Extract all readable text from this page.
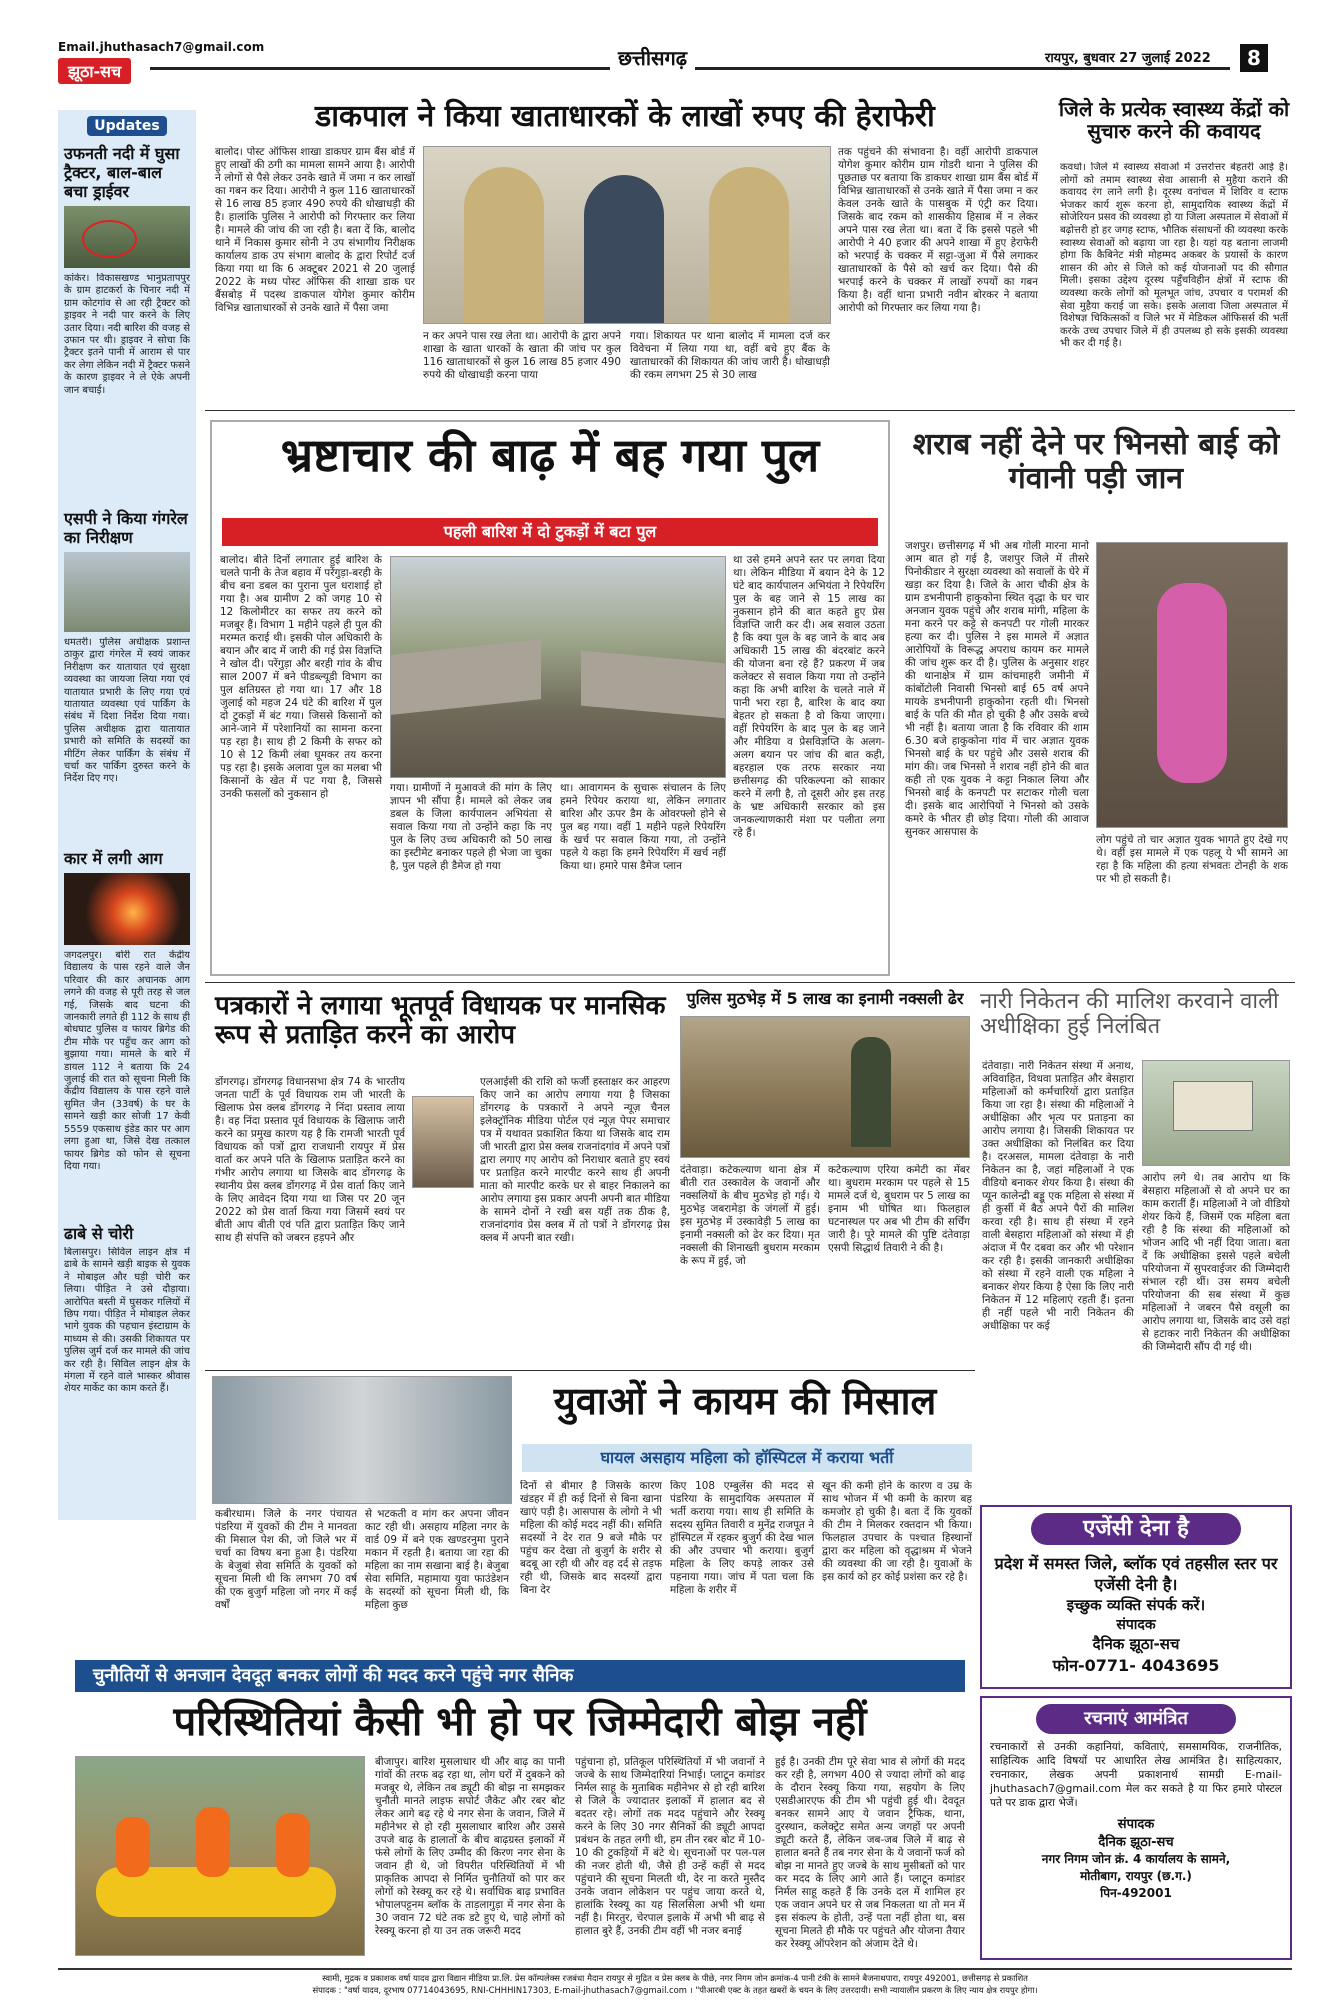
Email.jhuthasach7@gmail.com
झूठा-सच
छत्तीसगढ़	रायपुर, बुधवार 27 जुलाई 2022	8
Updates
उफनती नदी में घुसा ट्रैक्टर, बाल-बाल बचा ड्राईवर
कांकेर। विकासखण्ड भानुप्रतापपुर के ग्राम हाटकर्रा के चिनार नदी में ग्राम कोटगांव से आ रही ट्रैक्टर को ड्राइवर ने नदी पार करने के लिए उतार दिया। नदी बारिश की वजह से उफान पर थी। ड्राइवर ने सोचा कि ट्रैक्टर इतने पानी में आराम से पार कर लेगा लेकिन नदी में ट्रैक्टर फसने के कारण ड्राइवर ने ले ऐके अपनी जान बचाई।
एसपी ने किया गंगरेल का निरीक्षण
धमतरी। पुलिस अधीक्षक प्रशान्त ठाकुर द्वारा गंगरेल में स्वयं जाकर निरीक्षण कर यातायात एवं सुरक्षा व्यवस्था का जायजा लिया गया एवं यातायात प्रभारी के लिए गया एवं यातायात व्यवस्था एवं पार्किंग के संबंध में दिशा निर्देश दिया गया। पुलिस अधीक्षक द्वारा यातायात प्रभारी को समिति के सदस्यों का मीटिंग लेकर पार्किंग के संबंध में चर्चा कर पार्किंग दुरुस्त करने के निर्देश दिए गए।
कार में लगी आग
जगदलपुर। बोरी रात केंद्रीय विद्यालय के पास रहने वाले जैन परिवार की कार अचानक आग लगने की वजह से पूरी तरह से जल गई, जिसके बाद घटना की जानकारी लगते ही 112 के साथ ही बोधघाट पुलिस व फायर ब्रिगेड की टीम मौके पर पहुँच कर आग को बुझाया गया। मामले के बारे में डायल 112 ने बताया कि 24 जुलाई की रात को सूचना मिली कि केंद्रीय विद्यालय के पास रहने वाले सुमित जैन (33वर्ष) के घर के सामने खड़ी कार सोजी 17 केवी 5559 एकसाथ इंडेड कार पर आग लगा हुआ था, जिसे देख तत्काल फायर ब्रिगेड को फोन से सूचना दिया गया।
ढाबे से चोरी
बिलासपुर। सिविल लाइन क्षेत्र में ढाबे के सामने खड़ी बाइक से युवक ने मोबाइल और घड़ी चोरी कर लिया। पीड़ित ने उसे दौड़ाया। आरोपित बस्ती में घुसकर गलियों में छिप गया। पीड़ित ने मोबाइल लेकर भागे युवक की पहचान इंस्टाग्राम के माध्यम से की। उसकी शिकायत पर पुलिस जुर्म दर्ज कर मामले की जांच कर रही है। सिविल लाइन क्षेत्र के मंगला में रहने वाले भास्कर श्रीवास शेयर मार्केट का काम करते हैं।
डाकपाल ने किया खाताधारकों के लाखों रुपए की हेराफेरी
बालोद। पोस्ट ऑफिस शाखा डाकघर ग्राम बैंस बोर्ड में हुए लाखों की ठगी का मामला सामने आया है। आरोपी ने लोगों से पैसे लेकर उनके खाते में जमा न कर लाखों का गबन कर दिया। आरोपी ने कुल 116 खाताधारकों से 16 लाख 85 हजार 490 रुपये की धोखाधड़ी की है। हालांकि पुलिस ने आरोपी को गिरफ्तार कर लिया है। मामले की जांच की जा रही है। बता दें कि, बालोद थाने में निकास कुमार सोनी ने उप संभागीय निरीक्षक कार्यालय डाक उप संभाग बालोद के द्वारा रिपोर्ट दर्ज किया गया था कि 6 अक्टूबर 2021 से 20 जुलाई 2022 के मध्य पोस्ट ऑफिस की शाखा डाक घर बैंसबोड़ में पदस्थ डाकपाल योगेश कुमार कोरीम विभिन्न खाताधारकों से उनके खाते में पैसा जमा
न कर अपने पास रख लेता था। आरोपी के द्वारा अपने शाखा के खाता धारकों के खाता की जांच पर कुल 116 खाताधारकों से कुल 16 लाख 85 हजार 490 रुपये की धोखाधड़ी करना पाया
गया। शिकायत पर थाना बालोद में मामला दर्ज कर विवेचना में लिया गया था, वहीं बचे हुए बैंक के खाताधारकों की शिकायत की जांच जारी है। धोखाधड़ी की रकम लगभग 25 से 30 लाख
तक पहुंचने की संभावना है। वहीं आरोपी डाकपाल योगेश कुमार कोरीम ग्राम गोडरी थाना ने पुलिस की पूछताछ पर बताया कि डाकघर शाखा ग्राम बैंस बोर्ड में विभिन्न खाताधारकों से उनके खाते में पैसा जमा न कर केवल उनके खाते के पासबुक में एंट्री कर दिया। जिसके बाद रकम को शासकीय हिसाब में न लेकर अपने पास रख लेता था। बता दें कि इससे पहले भी आरोपी ने 40 हजार की अपने शाखा में हुए हेराफेरी को भरपाई के चक्कर में सट्टा-जुआ में पैसे लगाकर खाताधारकों के पैसे को खर्च कर दिया। पैसे की भरपाई करने के चक्कर में लाखों रुपयों का गबन किया है। वहीं थाना प्रभारी नवीन बोरकर ने बताया आरोपी को गिरफ्तार कर लिया गया है।
जिले के प्रत्येक स्वास्थ्य केंद्रों को सुचारु करने की कवायद
कवर्धा। जिले में स्वास्थ्य सेवाओं में उत्तरोत्तर बेहतरी आई है। लोगों को तमाम स्वास्थ्य सेवा आसानी से मुहैया कराने की कवायद रंग लाने लगी है। दूरस्थ वनांचल में शिविर व स्टाफ भेजकर कार्य शुरू करना हो, सामुदायिक स्वास्थ्य केंद्रों में सोजेरियन प्रसव की व्यवस्था हो या जिला अस्पताल में सेवाओं में बढ़ोत्तरी हो हर जगह स्टाफ, भौतिक संसाधनों की व्यवस्था करके स्वास्थ्य सेवाओं को बढ़ाया जा रहा है। यहां यह बताना लाजमी होगा कि कैबिनेट मंत्री मोहम्मद अकबर के प्रयासों के कारण शासन की ओर से जिले को कई योजनाओं पद की सौगात मिली। इसका उद्देश्य दूरस्थ पहुँचविहीन क्षेत्रों में स्टाफ की व्यवस्था करके लोगों को मूलभूत जांच, उपचार व परामर्श की सेवा मुहैया कराई जा सके। इसके अलावा जिला अस्पताल में विशेषज्ञ चिकित्सकों व जिले भर में मेडिकल ऑफिसर्स की भर्ती करके उच्च उपचार जिले में ही उपलब्ध हो सके इसकी व्यवस्था भी कर दी गई है।
भ्रष्टाचार की बाढ़ में बह गया पुल
पहली बारिश में दो टुकड़ों में बटा पुल
बालोद। बीते दिनों लगातार हुई बारिश के चलते पानी के तेज बहाव में परेंगुड़ा-बरही के बीच बना डबल का पुराना पुल धराशाई हो गया है। अब ग्रामीण 2 को जगह 10 से 12 किलोमीटर का सफर तय करने को मजबूर हैं। विभाग 1 महीने पहले ही पुल की मरम्मत कराई थी। इसकी पोल अधिकारी के बयान और बाद में जारी की गई प्रेस विज्ञप्ति ने खोल दी। परेंगुड़ा और बरही गांव के बीच साल 2007 में बने पीडब्ल्यूडी विभाग का पुल क्षतिग्रस्त हो गया था। 17 और 18 जुलाई को महज 24 घंटे की बारिश में पुल दो टुकड़ों में बंट गया। जिससे किसानों को आने-जाने में परेशानियों का सामना करना पड़ रहा है। साथ ही 2 किमी के सफर को 10 से 12 किमी लंबा घूमकर तय करना पड़ रहा है। इसके अलावा पुल का मलबा भी किसानों के खेत में पट गया है, जिससे उनकी फसलों को नुकसान हो	गया। ग्रामीणों ने मुआवजे की मांग के लिए ज्ञापन भी सौंपा है। मामले को लेकर जब डबल के जिला कार्यपालन अभियंता से सवाल किया गया तो उन्होंने कहा कि नए पुल के लिए उच्च अधिकारी को 50 लाख का इस्टीमेट बनाकर पहले ही भेजा जा चुका है, पुल पहले ही डैमेज हो गया
था। आवागमन के सुचारू संचालन के लिए हमने रिपेयर कराया था, लेकिन लगातार बारिश और ऊपर डैम के ओवरफ्लो होने से पुल बह गया। वहीं 1 महीने पहले रिपेयरिंग के खर्च पर सवाल किया गया, तो उन्होंने पहले ये कहा कि हमने रिपेयरिंग में खर्च नहीं किया था। हमारे पास डैमेज प्लान
था उसे हमने अपने स्तर पर लगवा दिया था। लेकिन मीडिया में बयान देने के 12 घंटे बाद कार्यपालन अभियंता ने रिपेयरिंग पुल के बह जाने से 15 लाख का नुकसान होने की बात कहते हुए प्रेस विज्ञप्ति जारी कर दी। अब सवाल उठता है कि क्या पुल के बह जाने के बाद अब अधिकारी 15 लाख की बंदरबांट करने की योजना बना रहे हैं? प्रकरण में जब कलेक्टर से सवाल किया गया तो उन्होंने कहा कि अभी बारिश के चलते नाले में पानी भरा रहा है, बारिश के बाद क्या बेहतर हो सकता है वो किया जाएगा। वहीं रिपेयरिंग के बाद पुल के बह जाने और मीडिया व प्रेसविज्ञप्ति के अलग-अलग बयान पर जांच की बात कही, बहरहाल एक तरफ सरकार नया छत्तीसगढ़ की परिकल्पना को साकार करने में लगी है, तो दूसरी ओर इस तरह के भ्रष्ट अधिकारी सरकार को इस जनकल्याणकारी मंशा पर पलीता लगा रहे हैं।
शराब नहीं देने पर भिनसो बाई को गंवानी पड़ी जान
जशपुर। छत्तीसगढ़ में भी अब गोली मारना मानो आम बात हो गई है, जशपुर जिले में तीसरे पिनोकीडार ने सुरक्षा व्यवस्था को सवालों के घेरे में खड़ा कर दिया है। जिले के आरा चौकी क्षेत्र के ग्राम डभनीपानी हाकुकोना स्थित वृद्धा के घर चार अनजान युवक पहुंचे और शराब मांगी, महिला के मना करने पर कट्टे से कनपटी पर गोली मारकर हत्या कर दी। पुलिस ने इस मामले में अज्ञात आरोपियों के विरूद्ध अपराध कायम कर मामले की जांच शुरू कर दी है। पुलिस के अनुसार शहर की थानाक्षेत्र में ग्राम कांचमाहरी जमीनी में कांबोंटोली निवासी भिनसो बाई 65 वर्ष अपने मायके डभनीपानी हाकुकोना रहती थी। भिनसो बाई के पति की मौत हो चुकी है और उसके बच्चे भी नहीं है। बताया जाता है कि रविवार की शाम 6.30 बजे हाकुकोना गांव में चार अज्ञात युवक भिनसो बाई के घर पहुंचे और उससे शराब की मांग की। जब भिनसो ने शराब नहीं होने की बात कही तो एक युवक ने कट्टा निकाल लिया और भिनसो बाई के कनपटी पर सटाकर गोली चला दी। इसके बाद आरोपियों ने भिनसो को उसके कमरे के भीतर ही छोड़ दिया। गोली की आवाज सुनकर आसपास के
लोग पहुंचे तो चार अज्ञात युवक भागते हुए देखे गए थे। वहीं इस मामले में एक पहलू ये भी सामने आ रहा है कि महिला की हत्या संभवतः टोनही के शक पर भी हो सकती है।
पत्रकारों ने लगाया भूतपूर्व विधायक पर मानसिक रूप से प्रताड़ित करने का आरोप
डोंगरगढ़। डोंगरगढ़ विधानसभा क्षेत्र 74 के भारतीय जनता पार्टी के पूर्व विधायक राम जी भारती के खिलाफ प्रेस क्लब डोंगरगढ़ ने निंदा प्रस्ताव लाया है। वह निंदा प्रस्ताव पूर्व विधायक के खिलाफ जारी करने का प्रमुख कारण यह है कि रामजी भारती पूर्व विधायक को पत्रों द्वारा राजधानी रायपुर में प्रेस वार्ता कर अपने पति के खिलाफ प्रताड़ित करने का गंभीर आरोप लगाया था जिसके बाद डोंगरगढ़ के स्थानीय प्रेस क्लब डोंगरगढ़ में प्रेस वार्ता किए जाने के लिए आवेदन दिया गया था जिस पर 20 जून 2022 को प्रेस वार्ता किया गया जिसमें स्वयं पर बीती आप बीती एवं पति द्वारा प्रताड़ित किए जाने साथ ही संपत्ति को जबरन हड़पने और
एलआईसी की राशि को फर्जी हस्ताक्षर कर आहरण किए जाने का आरोप लगाया गया है जिसका डोंगरगढ़ के पत्रकारों ने अपने न्यूज़ चैनल इलेक्ट्रॉनिक मीडिया पोर्टल एवं न्यूज़ पेपर समाचार पत्र में यथावत प्रकाशित किया था जिसके बाद राम जी भारती द्वारा प्रेस क्लब राजनांदगांव में अपने पत्रों द्वारा लगाए गए आरोप को निराधार बताते हुए स्वयं पर प्रताड़ित करने मारपीट करने साथ ही अपनी माता को मारपीट करके घर से बाहर निकालने का आरोप लगाया इस प्रकार अपनी अपनी बात मीडिया के सामने दोनों ने रखी बस यहीं तक ठीक है, राजनांदगांव प्रेस क्लब में तो पत्रों ने डोंगरगढ़ प्रेस क्लब में अपनी बात रखी।
पुलिस मुठभेड़ में 5 लाख का इनामी नक्सली ढेर
दंतेवाड़ा। कटेकल्याण थाना क्षेत्र में बीती रात उस्कावेल के जवानों और नक्सलियों के बीच मुठभेड़ हो गई। ये मुठभेड़ जबरामेड़ा के जंगलों में हुई। इस मुठभेड़ में उस्कावेड़ी 5 लाख का इनामी नक्सली को ढेर कर दिया। मृत नक्सली की शिनाख्ती बुधराम मरकाम के रूप में हुई, जो
कटेकल्याण एरिया कमेटी का मेंबर था। बुधराम मरकाम पर पहले से 15 मामले दर्ज थे, बुधराम पर 5 लाख का इनाम भी घोषित था। फिलहाल घटनास्थल पर अब भी टीम की सर्चिंग जारी है। पूरे मामले की पुष्टि दंतेवाड़ा एसपी सिद्धार्थ तिवारी ने की है।
नारी निकेतन की मालिश करवाने वाली अधीक्षिका हुई निलंबित
दंतेवाड़ा। नारी निकेतन संस्था में अनाथ, अविवाहित, विधवा प्रताड़ित और बेसहारा महिलाओं को कर्मचारियों द्वारा प्रताड़ित किया जा रहा है। संस्था की महिलाओं ने अधीक्षिका और भृत्य पर प्रताड़ना का आरोप लगाया है। जिसकी शिकायत पर उक्त अधीक्षिका को निलंबित कर दिया है। दरअसल, मामला दंतेवाड़ा के नारी निकेतन का है, जहां महिलाओं ने एक वीडियो बनाकर शेयर किया है। संस्था की प्यून कालेन्द्री बड्डू एक महिला से संस्था में ही कुर्सी में बैठ अपने पैरों की मालिश करवा रही है। साथ ही संस्था में रहने वाली बेसहारा महिलाओं को संस्था में ही अंदाज में पैर दबवा कर और भी परेशान कर रही है। इसकी जानकारी अधीक्षिका को संस्था में रहने वाली एक महिला ने बनाकर शेयर किया है ऐसा कि लिए नारी निकेतन में 12 महिलाएं रहती हैं। इतना ही नहीं पहले भी नारी निकेतन की अधीक्षिका पर कई
आरोप लगे थे। तब आरोप था कि बेसहारा महिलाओं से वो अपने घर का काम करातीं हैं। महिलाओं ने जो वीडियो शेयर किये हैं, जिसमें एक महिला बता रही है कि संस्था की महिलाओं को भोजन आदि भी नहीं दिया जाता। बता दें कि अधीक्षिका इससे पहले बचेली परियोजना में सुपरवाईजर की जिम्मेदारी संभाल रही थीं। उस समय बचेली परियोजना की सब संस्था में कुछ महिलाओं ने जबरन पैसे वसूली का आरोप लगाया था, जिसके बाद उसे वहां से हटाकर नारी निकेतन की अधीक्षिका की जिम्मेदारी सौंप दी गई थी।
युवाओं ने कायम की मिसाल
घायल असहाय महिला को हॉस्पिटल में कराया भर्ती
कबीरधाम। जिले के नगर पंचायत पंडरिया में युवकों की टीम ने मानवता की मिसाल पेश की, जो जिले भर में चर्चा का विषय बना हुआ है। पंडरिया के बेजुबां सेवा समिति के युवकों को सूचना मिली थी कि लगभग 70 वर्ष की एक बुजुर्ग महिला जो नगर में कई वर्षों
से भटकती व मांग कर अपना जीवन काट रही थी। असहाय महिला नगर के वार्ड 09 में बने एक खण्डरनुमा पुराने मकान में रहती है। बताया जा रहा की महिला का नाम सखाना बाई है। बेजुबा सेवा समिति, महामाया युवा फाउंडेशन के सदस्यों को सूचना मिली थी, कि महिला कुछ
दिनों से बीमार है जिसके कारण खंडहर में ही कई दिनों से बिना खाना खाएं पड़ी है। आसपास के लोगो ने भी महिला की कोई मदद नहीं की। समिति सदस्यों ने देर रात 9 बजे मौके पर पहुंच कर देखा तो बुजुर्ग के शरीर से बदबू आ रही थी और वह दर्द से तड़फ रही थी, जिसके बाद सदस्यों द्वारा बिना देर
किए 108 एम्बुलेंस की मदद से पंडरिया के सामुदायिक अस्पताल में भर्ती कराया गया। साथ ही समिति के सदस्य सुमित तिवारी व मुनेंद्र राजपूत ने हॉस्पिटल में रहकर बुजुर्ग की देख भाल की और उपचार भी कराया। बुजुर्ग महिला के लिए कपड़े लाकर उसे पहनाया गया। जांच में पता चला कि महिला के शरीर में
खून की कमी होने के कारण व उम्र के साथ भोजन में भी कमी के कारण बह कमजोर हो चुकी है। बता दें कि युवकों की टीम ने मिलकर रक्तदान भी किया। फिलहाल उपचार के पश्चात हिस्थानों द्वारा कर महिला को वृद्धाश्रम में भेजने की व्यवस्था की जा रही है। युवाओं के इस कार्य को हर कोई प्रशंसा कर रहे है।
चुनौतियों से अनजान देवदूत बनकर लोगों की मदद करने पहुंचे नगर सैनिक
परिस्थितियां कैसी भी हो पर जिम्मेदारी बोझ नहीं
बीजापुर। बारिश मुसलाधार थी और बाढ़ का पानी गांवों की तरफ बढ़ रहा था, लोग घरों में दुबकने को मजबूर थे, लेकिन तब ड्यूटी की बोझ ना समझकर चुनौती मानते लाइफ सपोर्ट जैकेट और रबर बोट लेकर आगे बढ़ रहे थे नगर सेना के जवान, जिले में महीनेभर से हो रही मुसलाधार बारिश और उससे उपजे बाढ़ के हालातों के बीच बाढ़ग्रस्त इलाकों में फंसे लोगों के लिए उम्मीद की किरण नगर सेना के जवान ही थे, जो विपरीत परिस्थितियों में भी प्राकृतिक आपदा से निर्मित चुनौतियों को पार कर लोगों को रेस्क्यू कर रहे थे। सर्वाधिक बाढ़ प्रभावित भोपालपट्टनम ब्लॉक के ताड़लागुड़ा में नगर सेना के 30 जवान 72 घंटे तक डटे हुए थे, चाहे लोगों को रेस्क्यू करना हो या उन तक जरूरी मदद
पहुंचाना हो, प्रतिकूल परिस्थितियों में भी जवानों ने जज्बे के साथ जिम्मेदारियां निभाई। प्लाटून कमांडर निर्मल साहू के मुताबिक महीनेभर से हो रही बारिश से जिले के ज्यादातर इलाकों में हालात बद से बदतर रहे। लोगों तक मदद पहुंचाने और रेस्क्यू करने के लिए 30 नगर सैनिकों की ड्यूटी आपदा प्रबंधन के तहत लगी थी, हम तीन रबर बोट में 10-10 की टुकड़ियों में बंटे थे। सूचनाओं पर पल-पल की नजर होती थी, जैसे ही उन्हें कहीं से मदद पहुंचाने की सूचना मिलती थी, देर ना करते मुस्तैद उनके जवान लोकेशन पर पहुंच जाया करते थे, हालांकि रेस्क्यू का यह सिलसिला अभी भी थमा नहीं है। मिरतुर, चेरपाल इलाके में अभी भी बाढ़ से हालात बुरे हैं, उनकी टीम वहीं भी नजर बनाई
हुई है। उनकी टीम पूरे सेवा भाव से लोगों की मदद कर रही है, लगभग 400 से ज्यादा लोगों को बाढ़ के दौरान रेस्क्यू किया गया, सहयोग के लिए एसडीआरएफ की टीम भी पहुंची हुई थी। देवदूत बनकर सामने आए ये जवान ट्रैफिक, थाना, दुरस्थान, कलेक्ट्रेट समेत अन्य जगहों पर अपनी ड्यूटी करते हैं, लेकिन जब-जब जिले में बाढ़ से हालात बनते हैं तब नगर सेना के ये जवानों फर्ज को बोझ ना मानते हुए जज्बे के साथ मुसीबतों को पार कर मदद के लिए आगे आते हैं। प्लाटून कमांडर निर्मल साहू कहते हैं कि उनके दल में शामिल हर एक जवान अपने घर से जब निकलता था तो मन में इस संकल्प के होती, उन्हें पता नहीं होता था, बस सूचना मिलते ही मौके पर पहुंचते और योजना तैयार कर रेस्क्यू ऑपरेशन को अंजाम देते थे।
एजेंसी देना है
प्रदेश में समस्त जिले, ब्लॉक एवं तहसील स्तर पर एजेंसी देनी है।
इच्छुक व्यक्ति संपर्क करें।
संपादक
दैनिक झूठा-सच
फोन-0771- 4043695
रचनाएं आमंत्रित
रचनाकारों से उनकी कहानियां, कविताएं, समसामयिक, राजनीतिक, साहित्यिक आदि विषयों पर आधारित लेख आमंत्रित है। साहित्यकार, रचनाकार, लेखक अपनी प्रकाशनार्थ सामग्री E-mail-jhuthasach7@gmail.com मेल कर सकते है या फिर हमारे पोस्टल पते पर डाक द्वारा भेजें।
संपादक
दैनिक झूठा-सच
नगर निगम जोन क्रं. 4 कार्यालय के सामने,
मोतीबाग, रायपुर (छ.ग.)
पिन-492001
स्वामी, मुद्रक व प्रकाशक वर्षा यादव द्वारा विद्यान मीडिया प्रा.लि. प्रेस कॉम्पलेक्स रजबंधा मैदान रायपुर से मुद्रित व प्रेस क्लब के पीछे, नगर निगम जोन क्रमांक-4 पानी टंकी के सामने बैजनाथपारा, रायपुर 492001, छत्तीसगढ़ से प्रकाशित
संपादक : "वर्षा यादव, दूरभाष 07714043695, RNI-CHHHIN17303, E-mail-jhuthasach7@gmail.com । "पीआरबी एक्ट के तहत खबरों के चयन के लिए उत्तरदायी। सभी न्यायालीन प्रकरण के लिए न्याय क्षेत्र रायपुर होगा।
